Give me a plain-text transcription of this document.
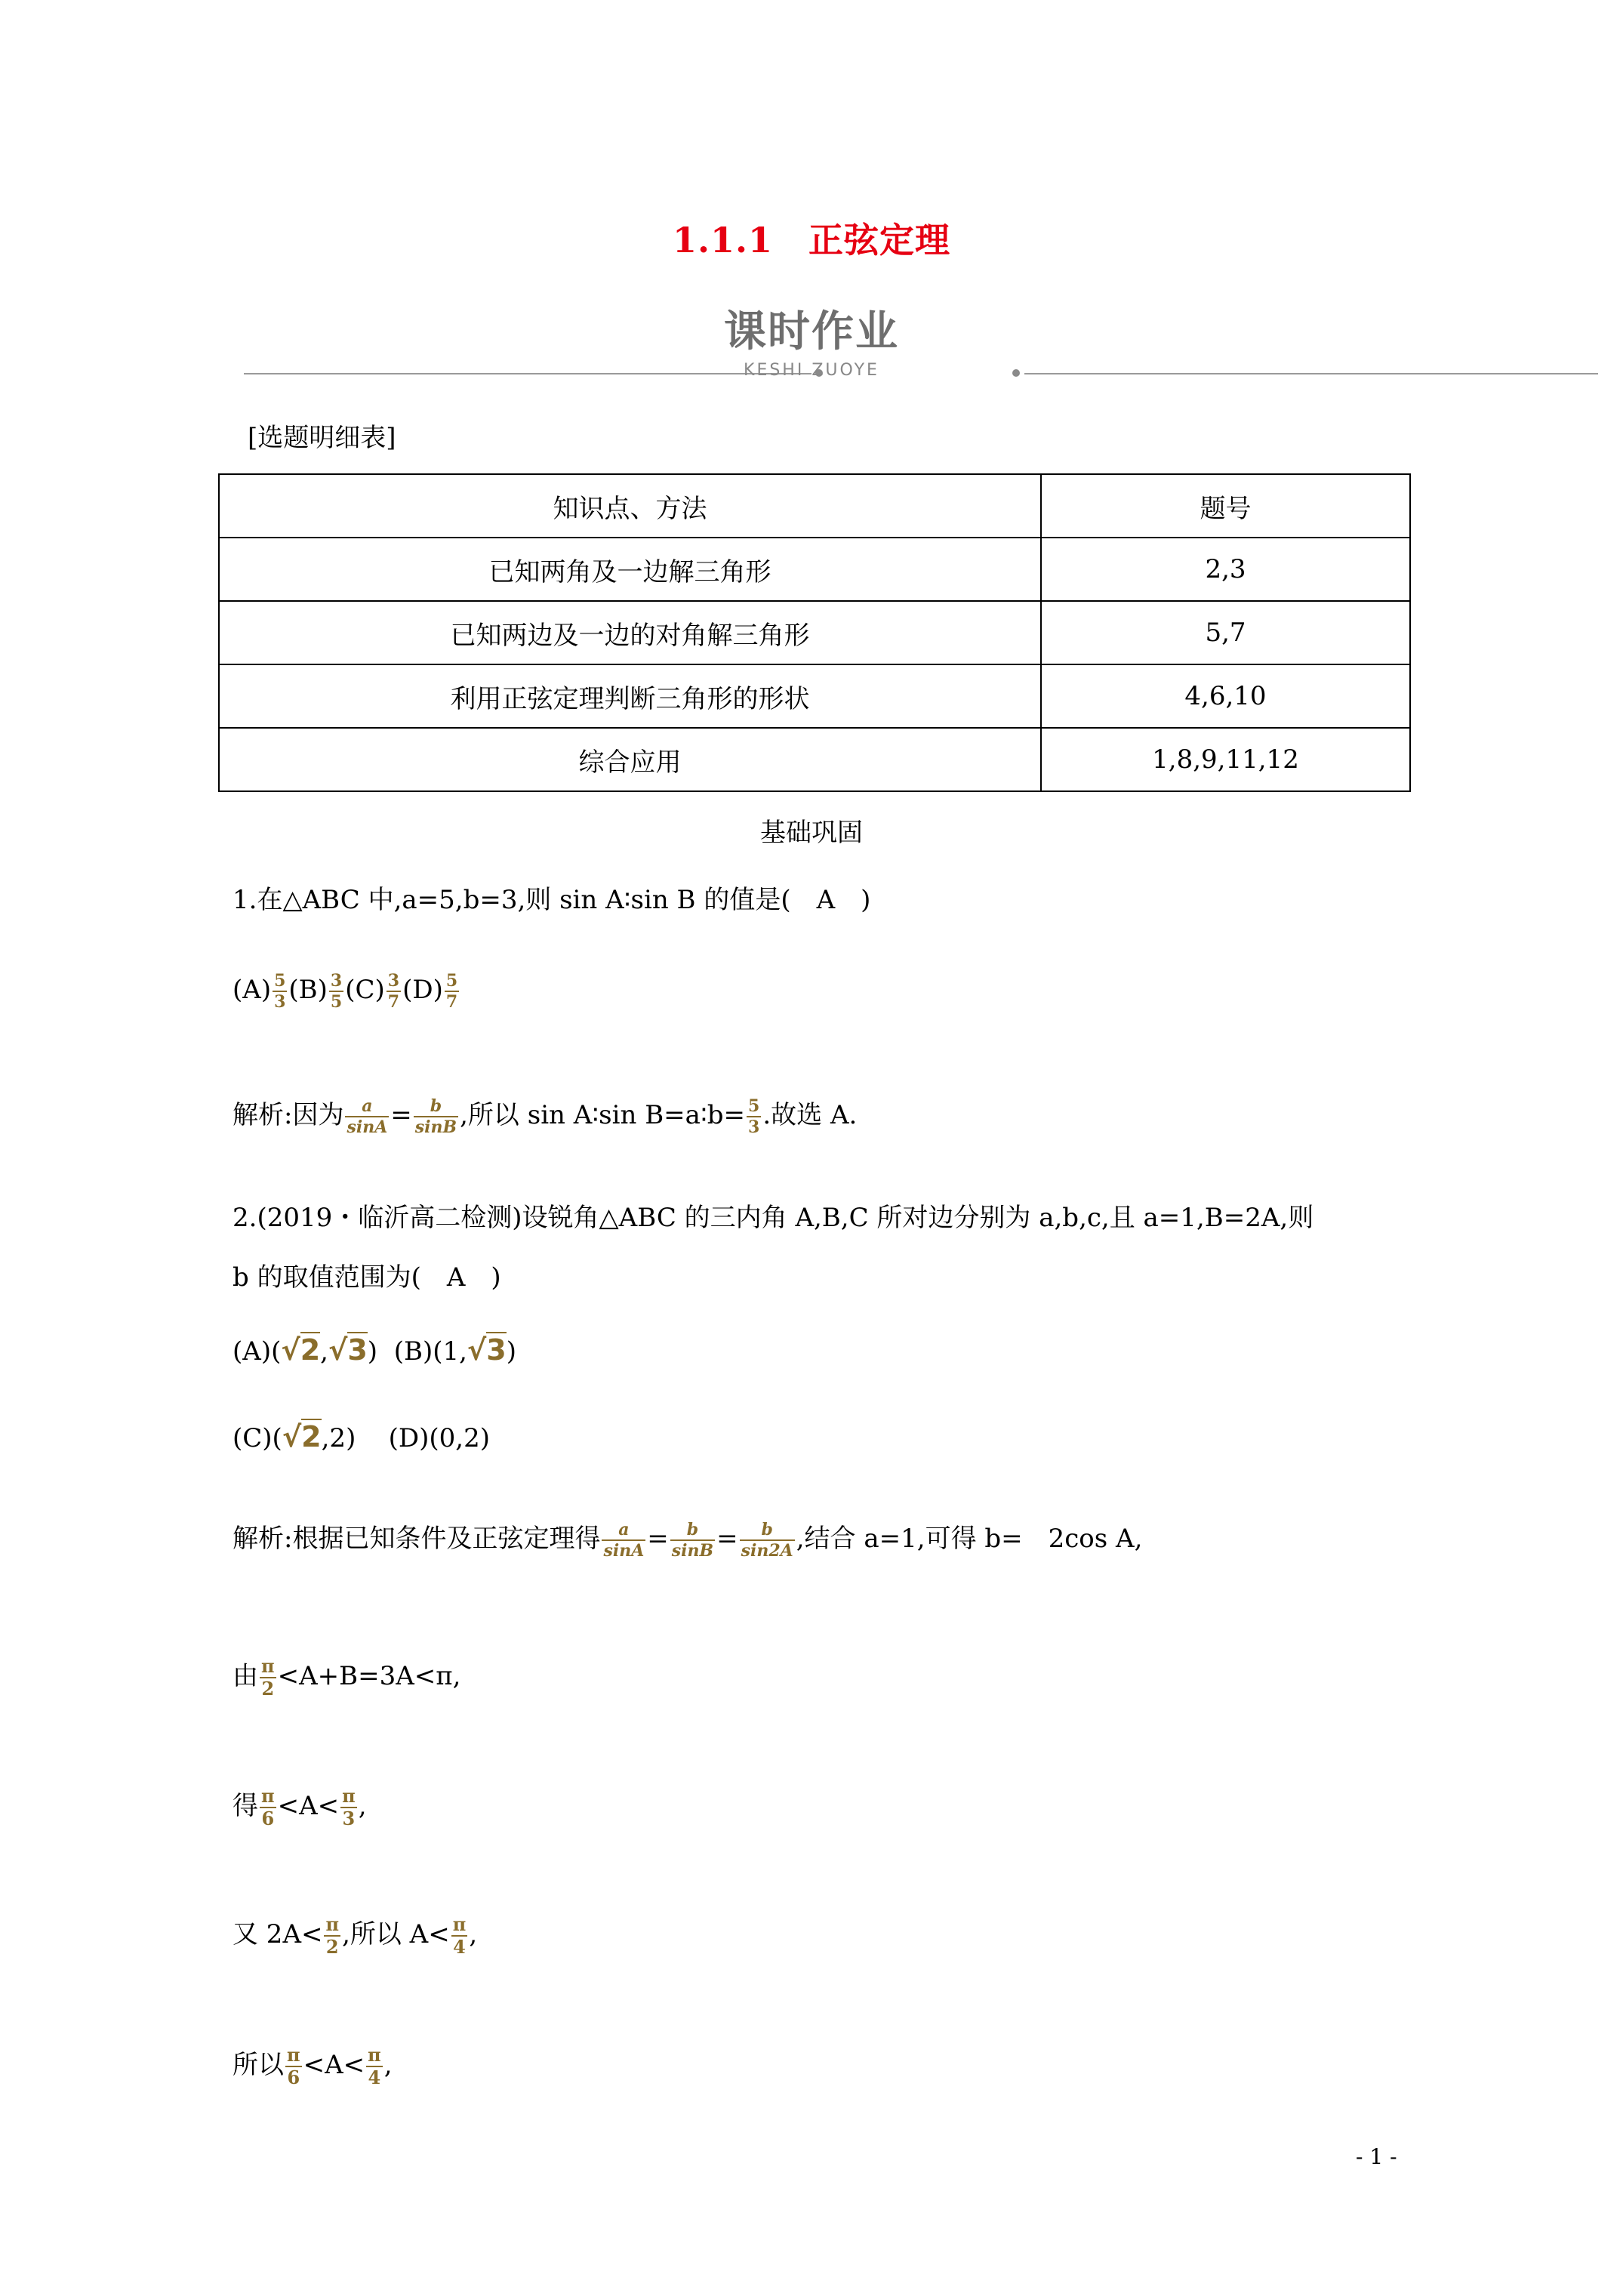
1.1.1　正弦定理
课时作业
KESHI ZUOYE
[选题明细表]
知识点、方法	题号
已知两角及一边解三角形	2,3
已知两边及一边的对角解三角形	5,7
利用正弦定理判断三角形的形状	4,6,10
综合应用	1,8,9,11,12
基础巩固
1.在△ABC 中,a=5,b=3,则 sin A∶sin B 的值是(　A　)
$(A) \frac{5}{3} (B) \frac{3}{5} (C) \frac{3}{7} (D) \frac{5}{7}$
解析:因为 $\frac{a}{\sin A} = \frac{b}{\sin B}$ ,所以 sin A∶sin B=a∶b= $\frac{5}{3}$ .故选 A.
2.(2019・临沂高二检测)设锐角△ABC 的三内角 A,B,C 所对边分别为 a,b,c,且 a=1,B=2A,则
b 的取值范围为(　A　)
(A)(√2,√3) (B)(1,√3)
(C)(√2,2) (D)(0,2)
解析:根据已知条件及正弦定理得 $\frac{a}{\sin A} = \frac{b}{\sin B} = \frac{b}{\sin 2A}$ ,结合 a=1,可得 b=　2cos A,
由 $\frac{\pi}{2} <A+B=3A<\pi$,
得 $\frac{\pi}{6} <A< \frac{\pi}{3}$ ,
又 $2A< \frac{\pi}{2}$ ,所以 $A< \frac{\pi}{4}$ ,
所以 $\frac{\pi}{6} <A< \frac{\pi}{4}$ ,
- 1 -
